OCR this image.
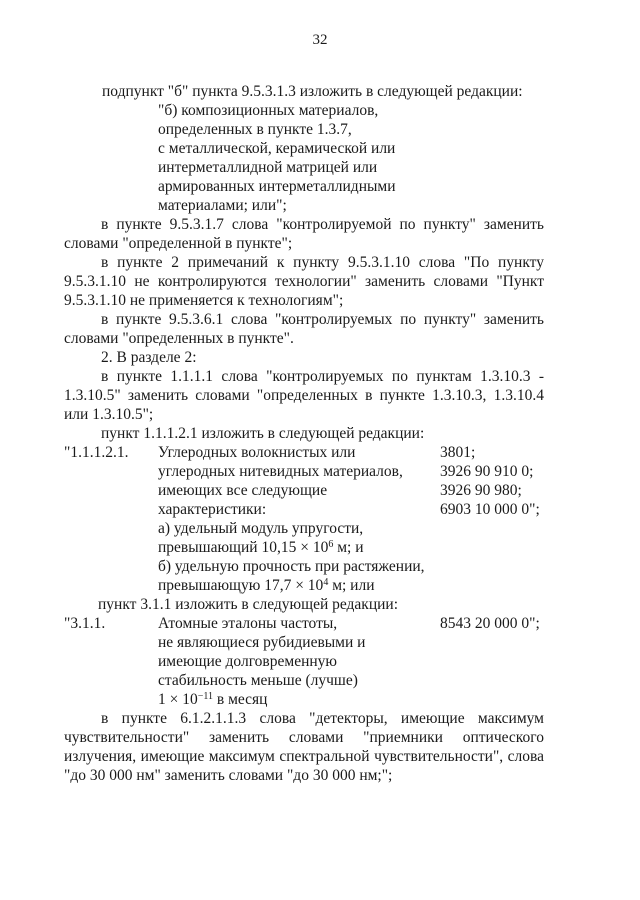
32

подпункт "б" пункта 9.5.3.1.3 изложить в следующей редакции:

"б) композиционных материалов,

определенных в пункте 1.3.7,

с металлической, керамической или

интерметаллидной матрицей или

армированных интерметаллидными

материалами; или";

в пункте 9.5.3.1.7 слова "контролируемой по пункту" заменить словами "определенной в пункте";

в пункте 2 примечаний к пункту 9.5.3.1.10 слова "По пункту 9.5.3.1.10 не контролируются технологии" заменить словами "Пункт 9.5.3.1.10 не применяется к технологиям";

в пункте 9.5.3.6.1 слова "контролируемых по пункту" заменить словами "определенных в пункте".

2. В разделе 2:

в пункте 1.1.1.1 слова "контролируемых по пунктам 1.3.10.3 - 1.3.10.5" заменить словами "определенных в пункте 1.3.10.3, 1.3.10.4 или 1.3.10.5";

пункт 1.1.1.2.1 изложить в следующей редакции:

"1.1.1.2.1.	Углеродных волокнистых или

углеродных нитевидных материалов,

имеющих все следующие

характеристики:

а) удельный модуль упругости,

превышающий $10,15 \times 10^6$ м; и

б) удельную прочность при растяжении,

превышающую $17,7 \times 10^4$ м; или

3801;

3926 90 910 0;

3926 90 980;

6903 10 000 0";

пункт 3.1.1 изложить в следующей редакции:

"3.1.1.	Атомные эталоны частоты,

не являющиеся рубидиевыми и

имеющие долговременную

стабильность меньше (лучше)

$1 \times 10^{-11}$ в месяц

8543 20 000 0";

в пункте 6.1.2.1.1.3 слова "детекторы, имеющие максимум чувствительности" заменить словами "приемники оптического излучения, имеющие максимум спектральной чувствительности", слова "до 30 000 нм" заменить словами "до 30 000 нм;";
